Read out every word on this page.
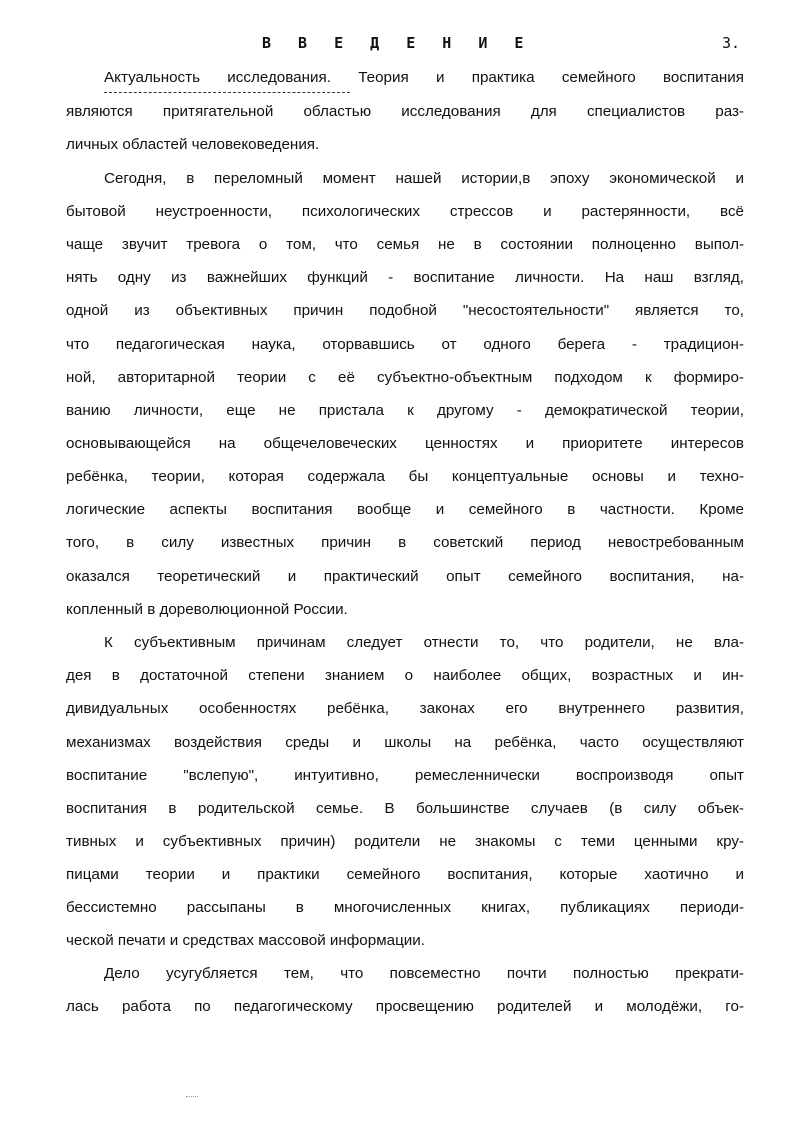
В В Е Д Е Н И Е	3.
Актуальность исследования. Теория и практика семейного воспитания
являются притягательной областью исследования для специалистов раз-
личных областей человековедения.
Сегодня, в переломный момент нашей истории,в эпоху экономической и
бытовой неустроенности, психологических стрессов и растерянности, всё
чаще звучит тревога о том, что семья не в состоянии полноценно выпол-
нять одну из важнейших функций - воспитание личности. На наш взгляд,
одной из объективных причин подобной "несостоятельности" является то,
что педагогическая наука, оторвавшись от одного берега - традицион-
ной, авторитарной теории с её субъектно-объектным подходом к формиро-
ванию личности, еще не пристала к другому - демократической теории,
основывающейся на общечеловеческих ценностях и приоритете интересов
ребёнка, теории, которая содержала бы концептуальные основы и техно-
логические аспекты воспитания вообще и семейного в частности. Кроме
того, в силу известных причин в советский период невостребованным
оказался теоретический и практический опыт семейного воспитания, на-
копленный в дореволюционной России.
К субъективным причинам следует отнести то, что родители, не вла-
дея в достаточной степени знанием о наиболее общих, возрастных и ин-
дивидуальных особенностях ребёнка, законах его внутреннего развития,
механизмах воздействия среды и школы на ребёнка, часто осуществляют
воспитание "вслепую", интуитивно, ремесленнически воспроизводя опыт
воспитания в родительской семье. В большинстве случаев (в силу объек-
тивных и субъективных причин) родители не знакомы с теми ценными кру-
пицами теории и практики семейного воспитания, которые хаотично и
бессистемно рассыпаны в многочисленных книгах, публикациях периоди-
ческой печати и средствах массовой информации.
Дело усугубляется тем, что повсеместно почти полностью прекрати-
лась работа по педагогическому просвещению родителей и молодёжи, го-
